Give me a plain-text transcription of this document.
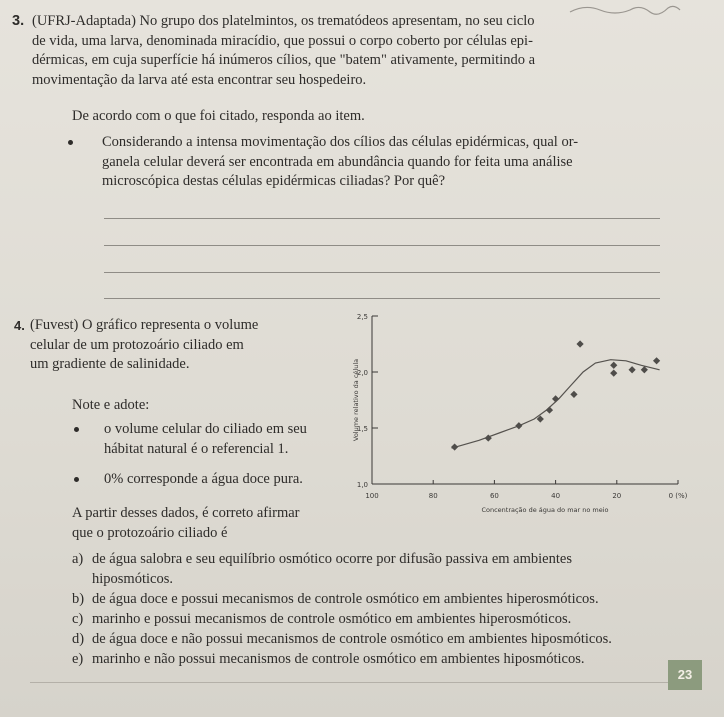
3. (UFRJ-Adaptada) No grupo dos platelmintos, os trematódeos apresentam, no seu ciclo
de vida, uma larva, denominada miracídio, que possui o corpo coberto por células epi-
dérmicas, em cuja superfície há inúmeros cílios, que "batem" ativamente, permitindo a
movimentação da larva até esta encontrar seu hospedeiro.
De acordo com o que foi citado, responda ao item.
Considerando a intensa movimentação dos cílios das células epidérmicas, qual or-
ganela celular deverá ser encontrada em abundância quando for feita uma análise
microscópica destas células epidérmicas ciliadas? Por quê?
4. (Fuvest) O gráfico representa o volume
celular de um protozoário ciliado em
um gradiente de salinidade.
Note e adote:
o volume celular do ciliado em seu
hábitat natural é o referencial 1.
0% corresponde a água doce pura.
A partir desses dados, é correto afirmar
que o protozoário ciliado é
a) de água salobra e seu equilíbrio osmótico ocorre por difusão passiva em ambientes
hiposmóticos.
b) de água doce e possui mecanismos de controle osmótico em ambientes hiperosmóticos.
c) marinho e possui mecanismos de controle osmótico em ambientes hiperosmóticos.
d) de água doce e não possui mecanismos de controle osmótico em ambientes hiposmóticos.
e) marinho e não possui mecanismos de controle osmótico em ambientes hiposmóticos.
1,0
1,5
2,0
2,5
100	80	60	40	20	0 (%)
Concentração de água do mar no meio
Volume relativo da célula
23
